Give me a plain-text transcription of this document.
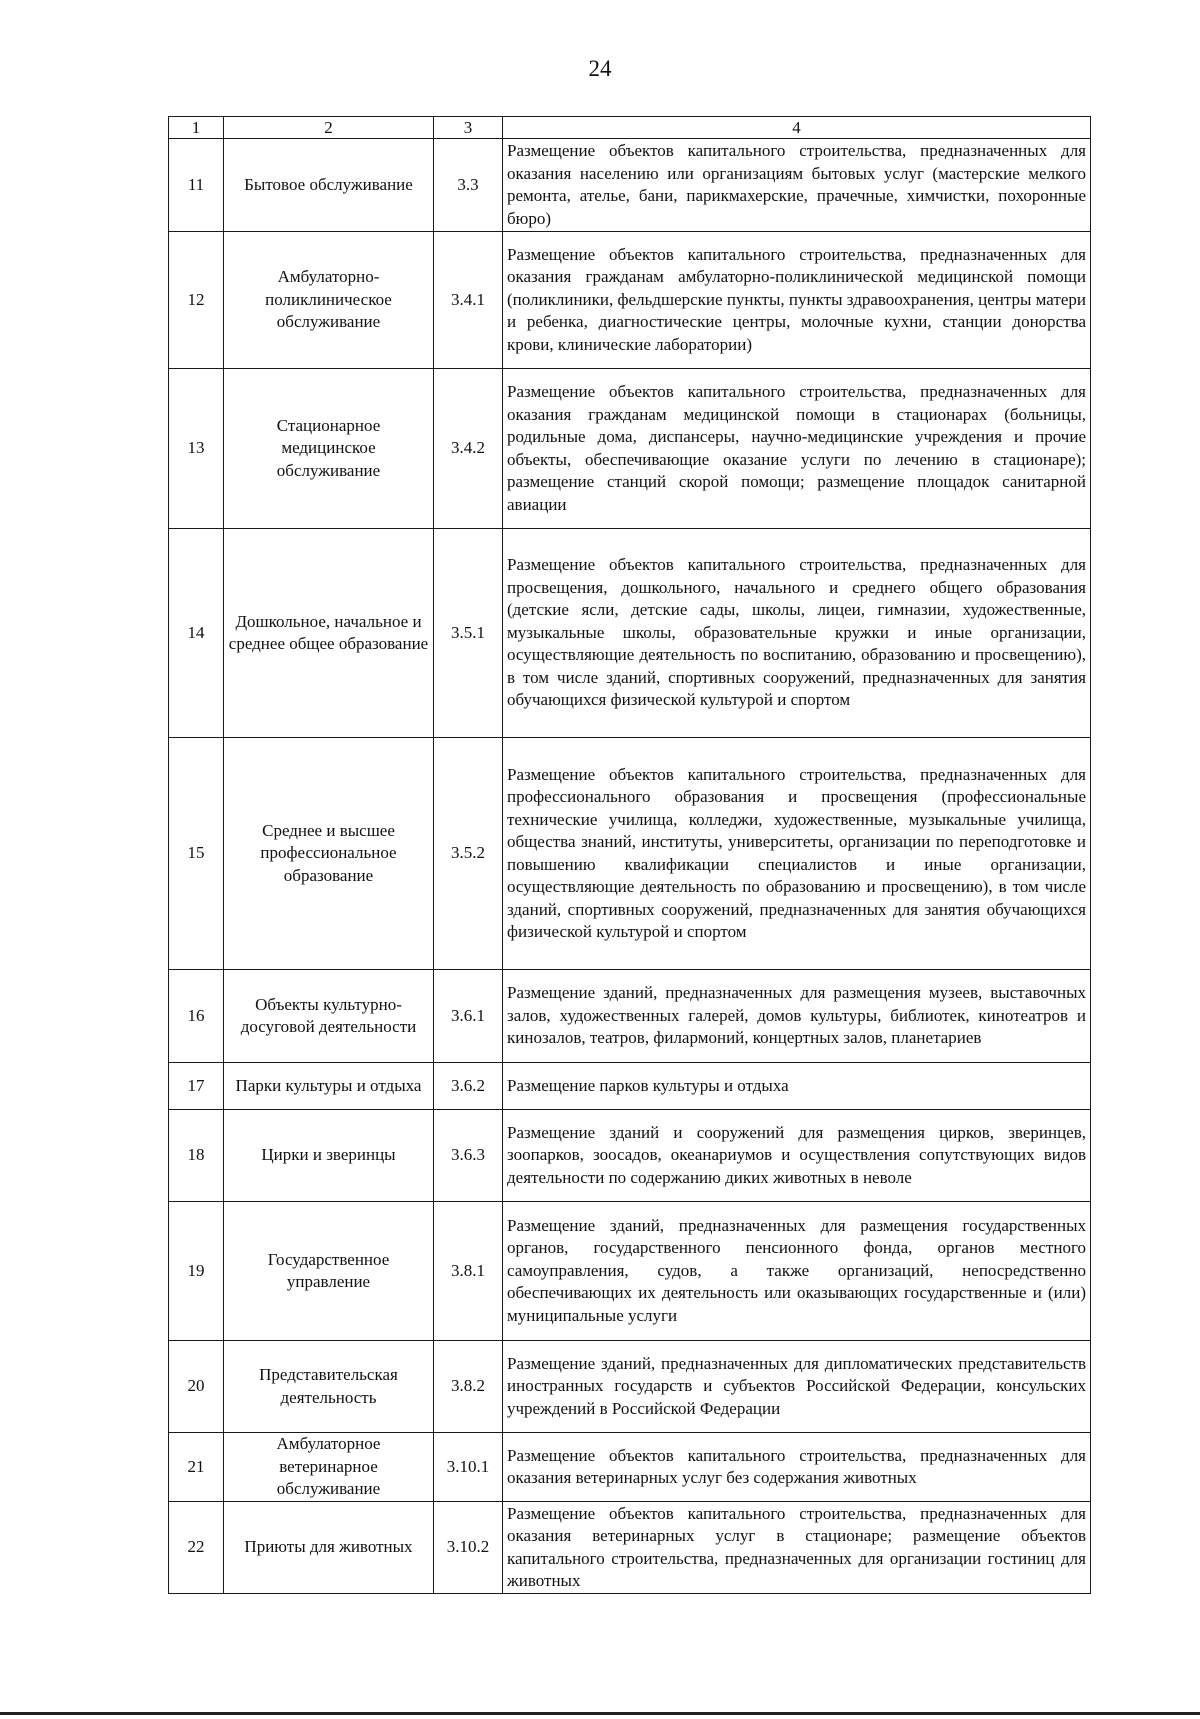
24
1	2	3	4
11	Бытовое обслуживание	3.3	Размещение объектов капитального строительства, предназначенных для оказания населению или организациям бытовых услуг (мастерские мелкого ремонта, ателье, бани, парикмахерские, прачечные, химчистки, похоронные бюро)
12	Амбулаторно-поликлиническое обслуживание	3.4.1	Размещение объектов капитального строительства, предназначенных для оказания гражданам амбулаторно-поликлинической медицинской помощи (поликлиники, фельдшерские пункты, пункты здравоохранения, центры матери и ребенка, диагностические центры, молочные кухни, станции донорства крови, клинические лаборатории)
13	Стационарное медицинское обслуживание	3.4.2	Размещение объектов капитального строительства, предназначенных для оказания гражданам медицинской помощи в стационарах (больницы, родильные дома, диспансеры, научно-медицинские учреждения и прочие объекты, обеспечивающие оказание услуги по лечению в стационаре); размещение станций скорой помощи; размещение площадок санитарной авиации
14	Дошкольное, начальное и среднее общее образование	3.5.1	Размещение объектов капитального строительства, предназначенных для просвещения, дошкольного, начального и среднего общего образования (детские ясли, детские сады, школы, лицеи, гимназии, художественные, музыкальные школы, образовательные кружки и иные организации, осуществляющие деятельность по воспитанию, образованию и просвещению), в том числе зданий, спортивных сооружений, предназначенных для занятия обучающихся физической культурой и спортом
15	Среднее и высшее профессиональное образование	3.5.2	Размещение объектов капитального строительства, предназначенных для профессионального образования и просвещения (профессиональные технические училища, колледжи, художественные, музыкальные училища, общества знаний, институты, университеты, организации по переподготовке и повышению квалификации специалистов и иные организации, осуществляющие деятельность по образованию и просвещению), в том числе зданий, спортивных сооружений, предназначенных для занятия обучающихся физической культурой и спортом
16	Объекты культурно-досуговой деятельности	3.6.1	Размещение зданий, предназначенных для размещения музеев, выставочных залов, художественных галерей, домов культуры, библиотек, кинотеатров и кинозалов, театров, филармоний, концертных залов, планетариев
17	Парки культуры и отдыха	3.6.2	Размещение парков культуры и отдыха
18	Цирки и зверинцы	3.6.3	Размещение зданий и сооружений для размещения цирков, зверинцев, зоопарков, зоосадов, океанариумов и осуществления сопутствующих видов деятельности по содержанию диких животных в неволе
19	Государственное управление	3.8.1	Размещение зданий, предназначенных для размещения государственных органов, государственного пенсионного фонда, органов местного самоуправления, судов, а также организаций, непосредственно обеспечивающих их деятельность или оказывающих государственные и (или) муниципальные услуги
20	Представительская деятельность	3.8.2	Размещение зданий, предназначенных для дипломатических представительств иностранных государств и субъектов Российской Федерации, консульских учреждений в Российской Федерации
21	Амбулаторное ветеринарное обслуживание	3.10.1	Размещение объектов капитального строительства, предназначенных для оказания ветеринарных услуг без содержания животных
22	Приюты для животных	3.10.2	Размещение объектов капитального строительства, предназначенных для оказания ветеринарных услуг в стационаре; размещение объектов капитального строительства, предназначенных для организации гостиниц для животных
